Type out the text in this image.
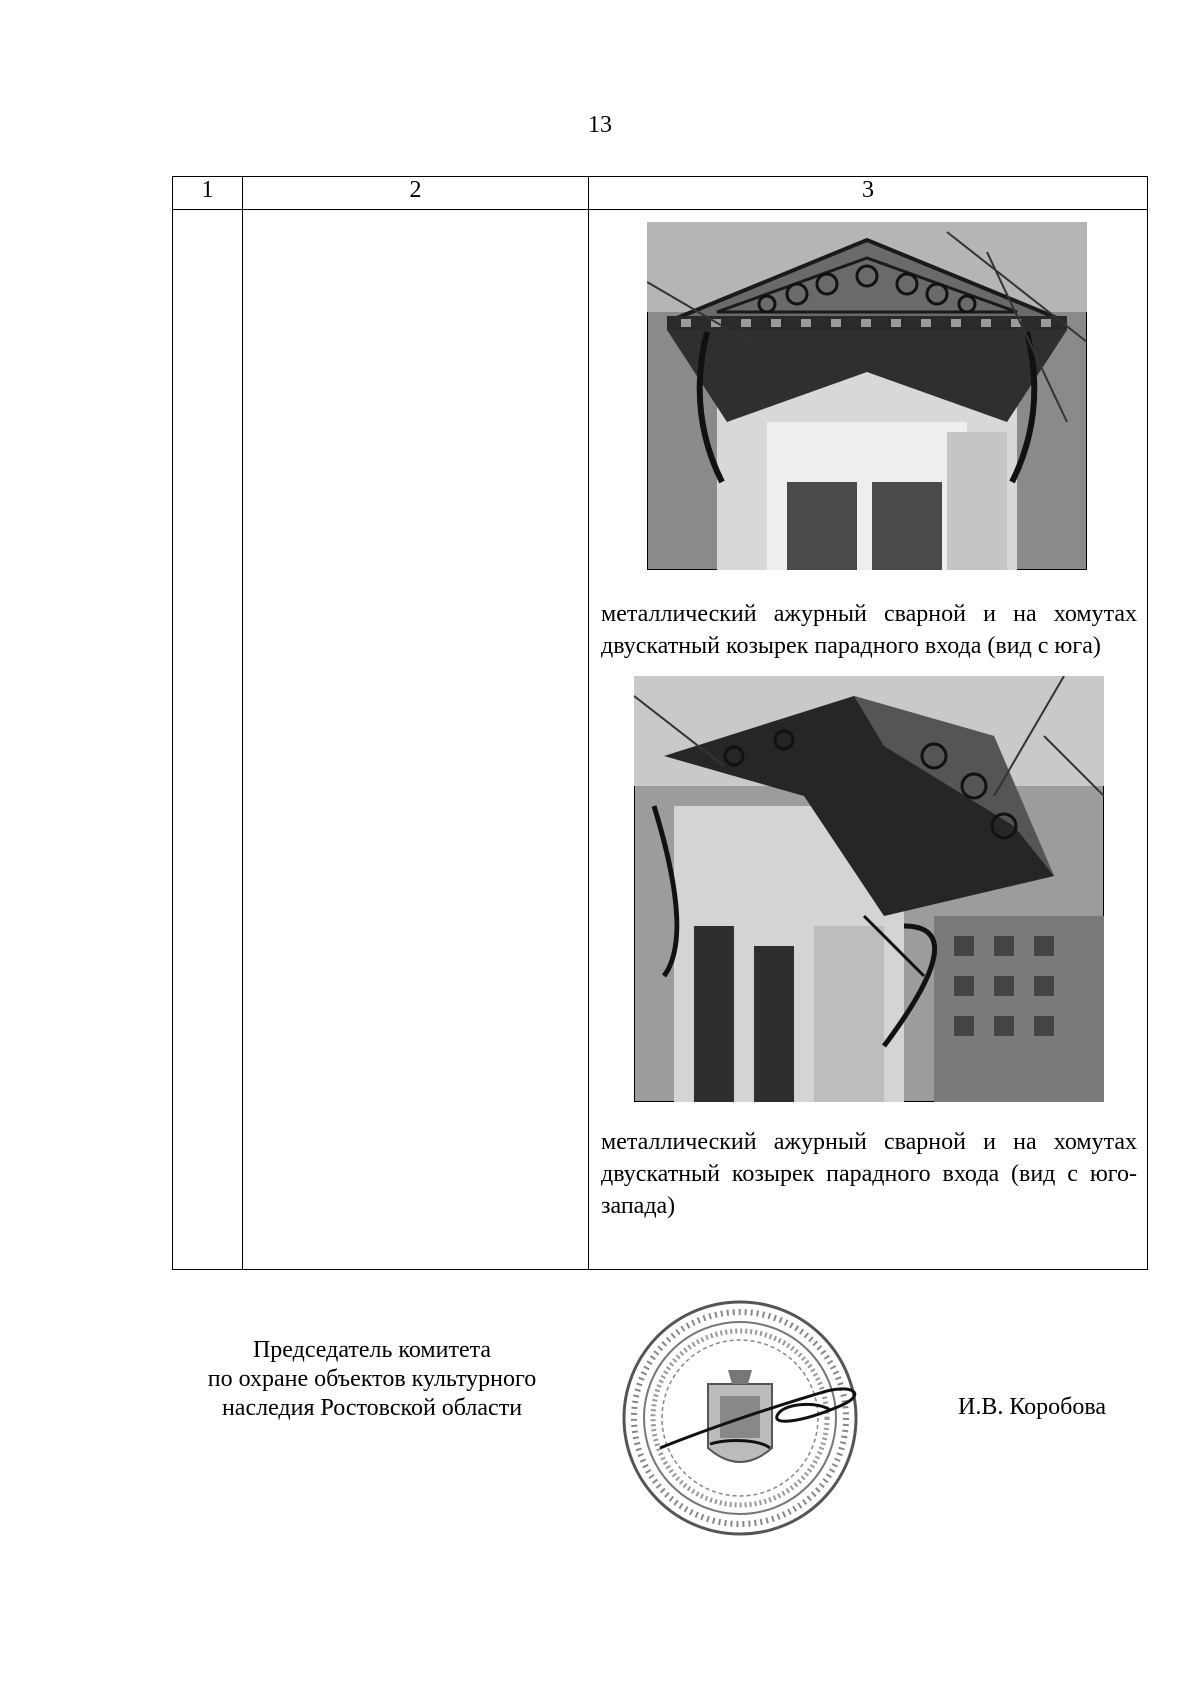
13
1	2	3

		металлический ажурный сварной и на хомутах двускатный козырек парадного входа (вид с юга)
металлический ажурный сварной и на хомутах двускатный козырек парадного входа (вид с юго-запада)
Председатель комитета
по охране объектов культурного
наследия Ростовской области	И.В. Коробова
